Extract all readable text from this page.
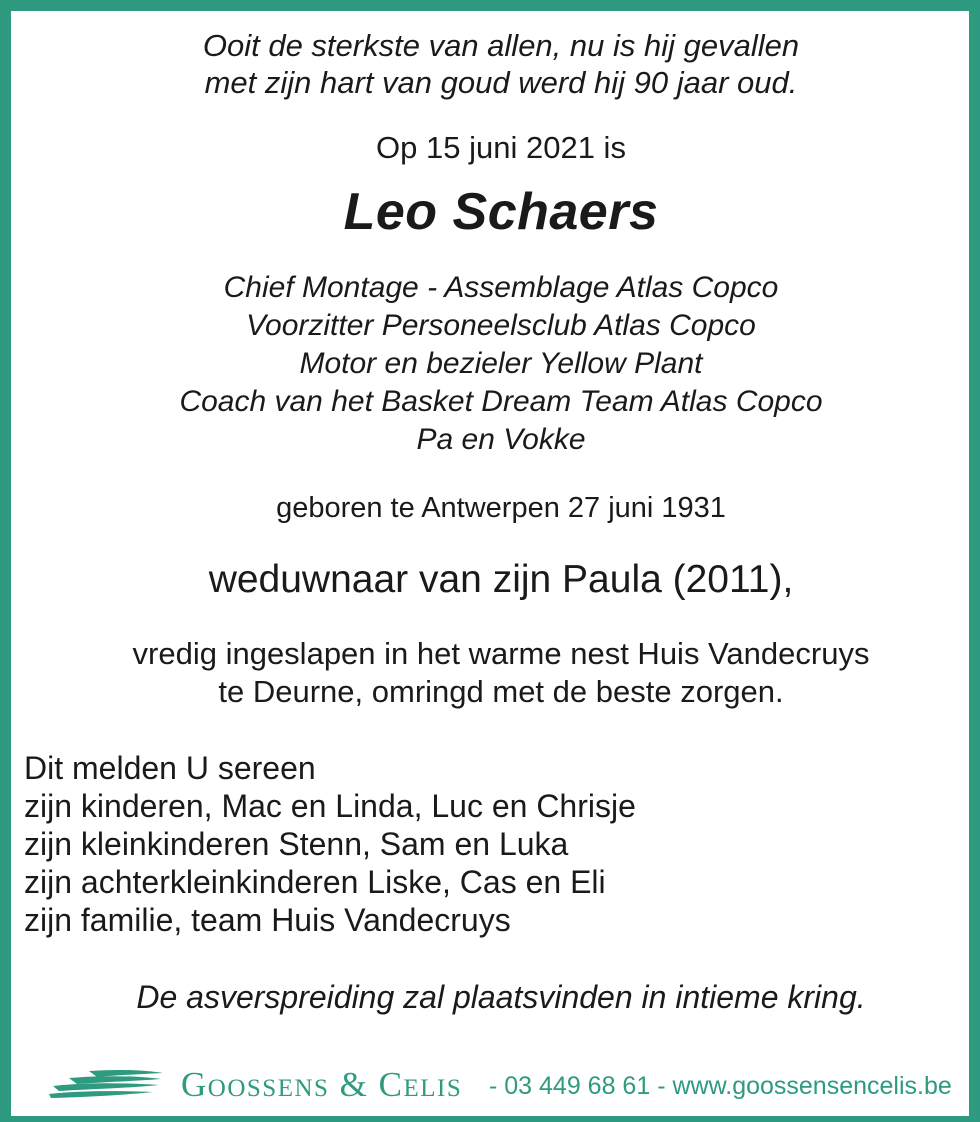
Ooit de sterkste van allen, nu is hij gevallen
met zijn hart van goud werd hij 90 jaar oud.
Op 15 juni 2021 is
Leo Schaers
Chief Montage - Assemblage Atlas Copco
Voorzitter Personeelsclub Atlas Copco
Motor en bezieler Yellow Plant
Coach van het Basket Dream Team Atlas Copco
Pa en Vokke
geboren te Antwerpen 27 juni 1931
weduwnaar van zijn Paula (2011),
vredig ingeslapen in het warme nest Huis Vandecruys
te Deurne, omringd met de beste zorgen.
Dit melden U sereen
zijn kinderen, Mac en Linda, Luc en Chrisje
zijn kleinkinderen Stenn, Sam en Luka
zijn achterkleinkinderen Liske, Cas en Eli
zijn familie, team Huis Vandecruys
De asverspreiding zal plaatsvinden in intieme kring.
Goossens & Celis - 03 449 68 61 - www.goossensencelis.be
